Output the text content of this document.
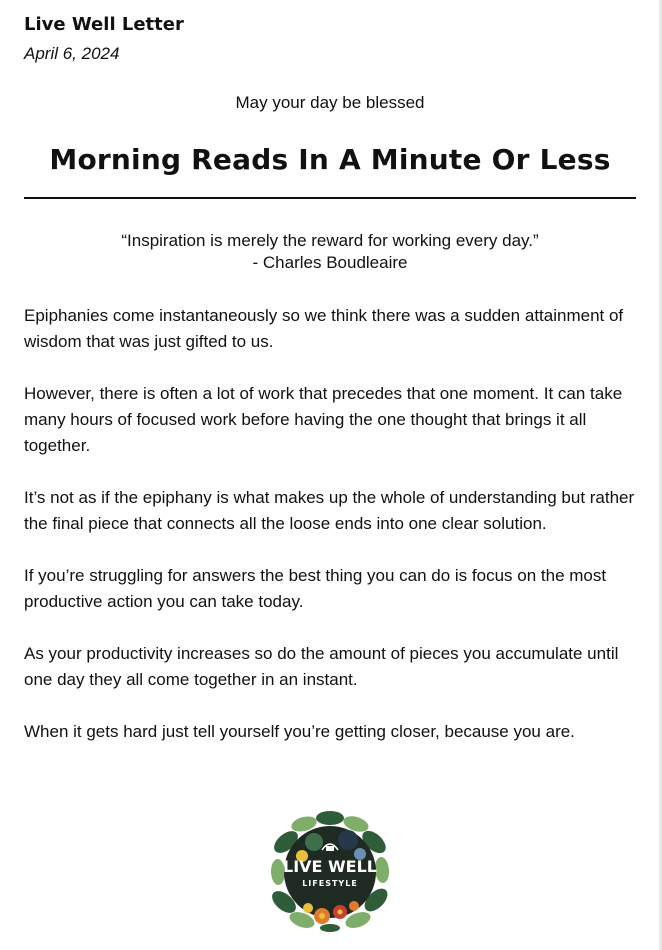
Live Well Letter
April 6, 2024
May your day be blessed
Morning Reads In A Minute Or Less
“Inspiration is merely the reward for working every day.”
- Charles Boudleaire

Epiphanies come instantaneously so we think there was a sudden attainment of wisdom that was just gifted to us.

However, there is often a lot of work that precedes that one moment. It can take many hours of focused work before having the one thought that brings it all together.

It’s not as if the epiphany is what makes up the whole of understanding but rather the final piece that connects all the loose ends into one clear solution.

If you’re struggling for answers the best thing you can do is focus on the most productive action you can take today.

As your productivity increases so do the amount of pieces you accumulate until one day they all come together in an instant.

When it gets hard just tell yourself you’re getting closer, because you are.

LIVE WELL
LIFESTYLE
